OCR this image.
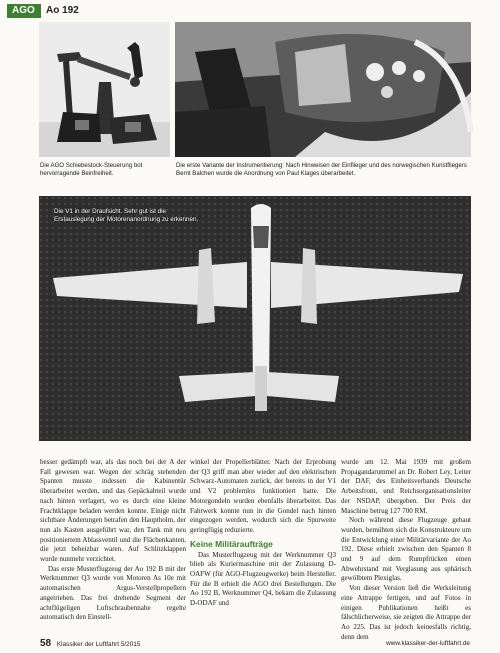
AGO	Ao 192
Die AGO Schiebestock-Steuerung bot hervorragende Beinfreiheit.
Die erste Variante der Instrumentierung: Nach Hinweisen der Einflieger und des norwegischen Kunstfliegers Bernt Balchen wurde die Anordnung von Paul Klages überarbeitet.
Die V1 in der Draufsicht. Sehr gut ist die Erstauslegung der Motorenanordnung zu erkennen.

besser gedämpft war, als das noch bei der A der Fall gewesen war. Wegen der schräg stehenden Spanten musste indessen die Kabinentür überarbeitet werden, und das Gepäckabteil wurde nach hinten verlagert, wo es durch eine kleine Frachtklappe beladen werden konnte. Einige nicht sichtbare Änderungen betrafen den Hauptholm, der nun als Kasten ausgeführt war, den Tank mit neu positioniertem Ablassventil und die Flächenkanten, die jetzt beheizbar waren. Auf Schlitzklappen wurde nunmehr verzichtet.

Das erste Musterflugzeug der Ao 192 B mit der Werknummer Q3 wurde von Motoren As 10e mit automatischen Argus-Verstellpropellern angetrieben. Das frei drehende Segment der achtflügeligen Luftschraubennabe regelte automatisch den Einstell-

winkel der Propellerblätter. Nach der Erprobung der Q3 griff man aber wieder auf den elektrischen Schwarz-Automaten zurück, der bereits in der V1 und V2 problemlos funktioniert hatte. Die Motorgondeln wurden ebenfalls überarbeitet. Das Fahrwerk konnte nun in die Gondel nach hinten eingezogen werden, wodurch sich die Spurweite geringfügig reduzierte.

Keine Militäraufträge

Das Musterflugzeug mit der Werknummer Q3 blieb als Kuriermaschine mit der Zulassung D-OAFW (für AGO-Flugzeugwerke) beim Hersteller. Für die B erhielt die AGO drei Bestellungen. Die Ao 192 B, Werknummer Q4, bekam die Zulassung D-ODAF und

wurde am 12. Mai 1939 mit großem Propagandarummel an Dr. Robert Ley, Leiter der DAF, des Einheitsverbands Deutsche Arbeitsfront, und Reichsorganisationsleiter der NSDAP, übergeben. Der Preis der Maschine betrug 127 700 RM.

Noch während diese Flugzeuge gebaut wurden, bemühten sich die Konstrukteure um die Entwicklung einer Militärvariante der Ao 192. Diese erhielt zwischen den Spanten 8 und 9 auf dem Rumpfrücken einen Abwehrstand mit Verglasung aus sphärisch gewölbtem Plexiglas.

Von dieser Version ließ die Werksleitung eine Attrappe fertigen, und auf Fotos in einigen Publikationen heißt es fälschlicherweise, sie zeigten die Attrappe der Ao 225. Das ist jedoch keinesfalls richtig, denn dem

58 Klassiker der Luftfahrt 5/2015	www.klassiker-der-luftfahrt.de
